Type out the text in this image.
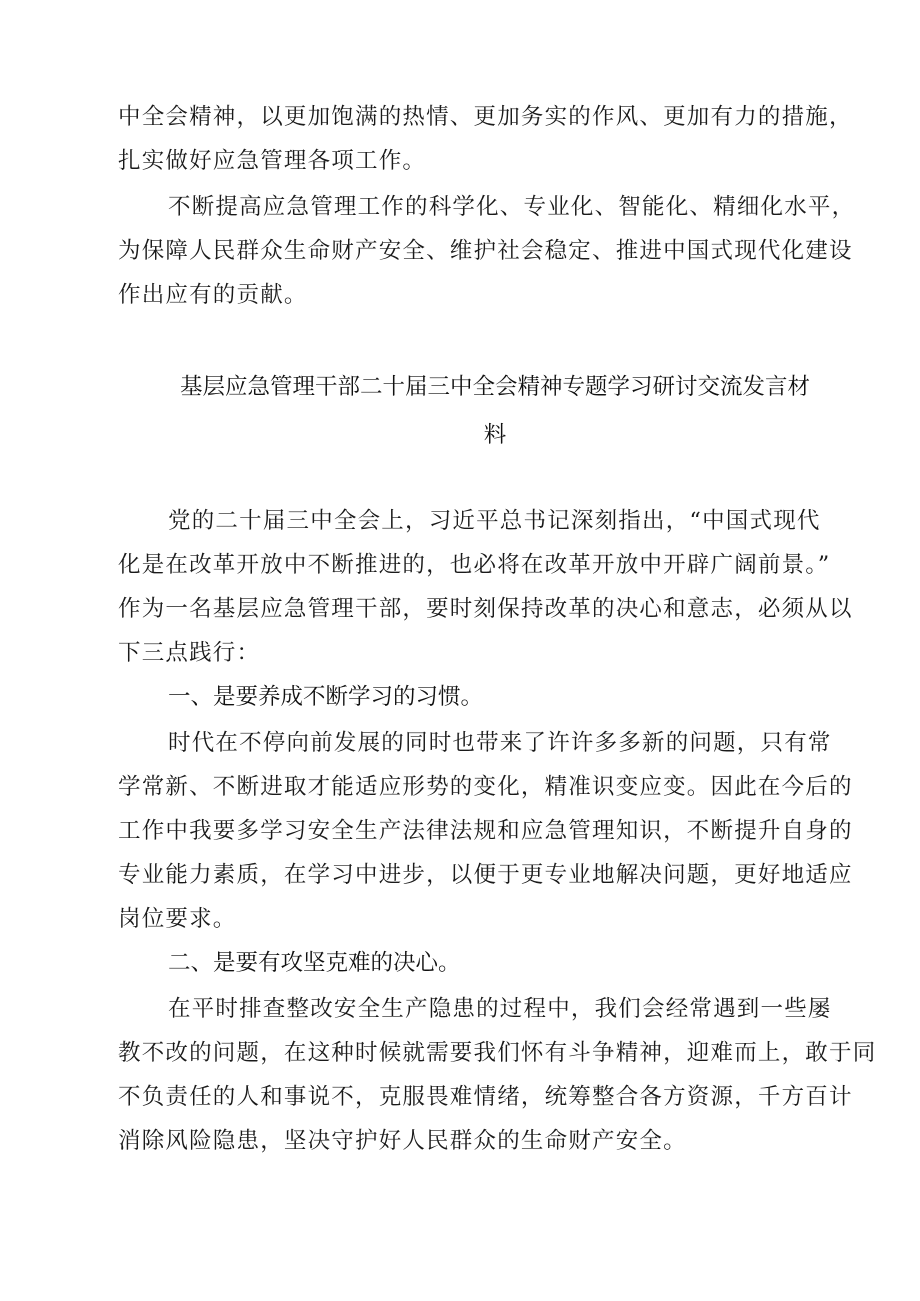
中全会精神，以更加饱满的热情、更加务实的作风、更加有力的措施，
扎实做好应急管理各项工作。
不断提高应急管理工作的科学化、专业化、智能化、精细化水平，
为保障人民群众生命财产安全、维护社会稳定、推进中国式现代化建设
作出应有的贡献。
基层应急管理干部二十届三中全会精神专题学习研讨交流发言材
料
党的二十届三中全会上，习近平总书记深刻指出，“中国式现代
化是在改革开放中不断推进的，也必将在改革开放中开辟广阔前景。”
作为一名基层应急管理干部，要时刻保持改革的决心和意志，必须从以
下三点践行：
一、是要养成不断学习的习惯。
时代在不停向前发展的同时也带来了许许多多新的问题，只有常
学常新、不断进取才能适应形势的变化，精准识变应变。因此在今后的
工作中我要多学习安全生产法律法规和应急管理知识，不断提升自身的
专业能力素质，在学习中进步，以便于更专业地解决问题，更好地适应
岗位要求。
二、是要有攻坚克难的决心。
在平时排查整改安全生产隐患的过程中，我们会经常遇到一些屡
教不改的问题，在这种时候就需要我们怀有斗争精神，迎难而上，敢于同
不负责任的人和事说不，克服畏难情绪，统筹整合各方资源，千方百计
消除风险隐患，坚决守护好人民群众的生命财产安全。
